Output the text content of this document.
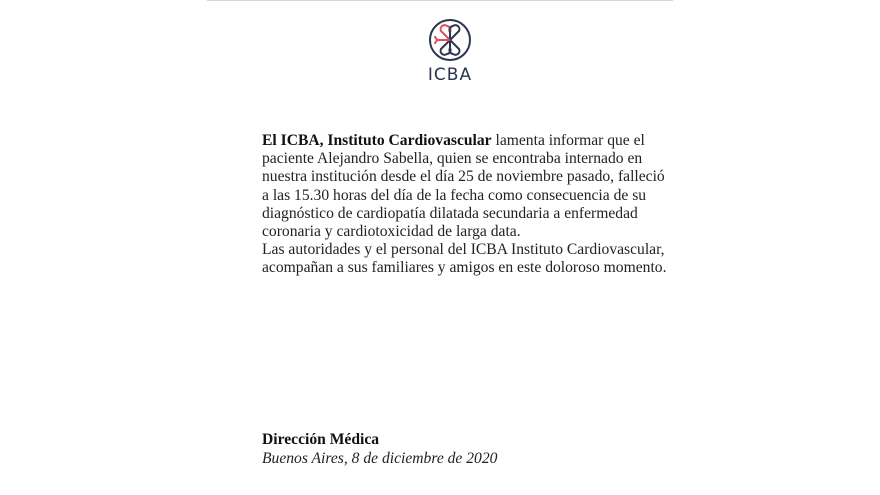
ICBA
El ICBA, Instituto Cardiovascular lamenta informar que el
paciente Alejandro Sabella, quien se encontraba internado en
nuestra institución desde el día 25 de noviembre pasado, falleció
a las 15.30 horas del día de la fecha como consecuencia de su
diagnóstico de cardiopatía dilatada secundaria a enfermedad
coronaria y cardiotoxicidad de larga data.
Las autoridades y el personal del ICBA Instituto Cardiovascular,
acompañan a sus familiares y amigos en este doloroso momento.
Dirección Médica
Buenos Aires, 8 de diciembre de 2020
